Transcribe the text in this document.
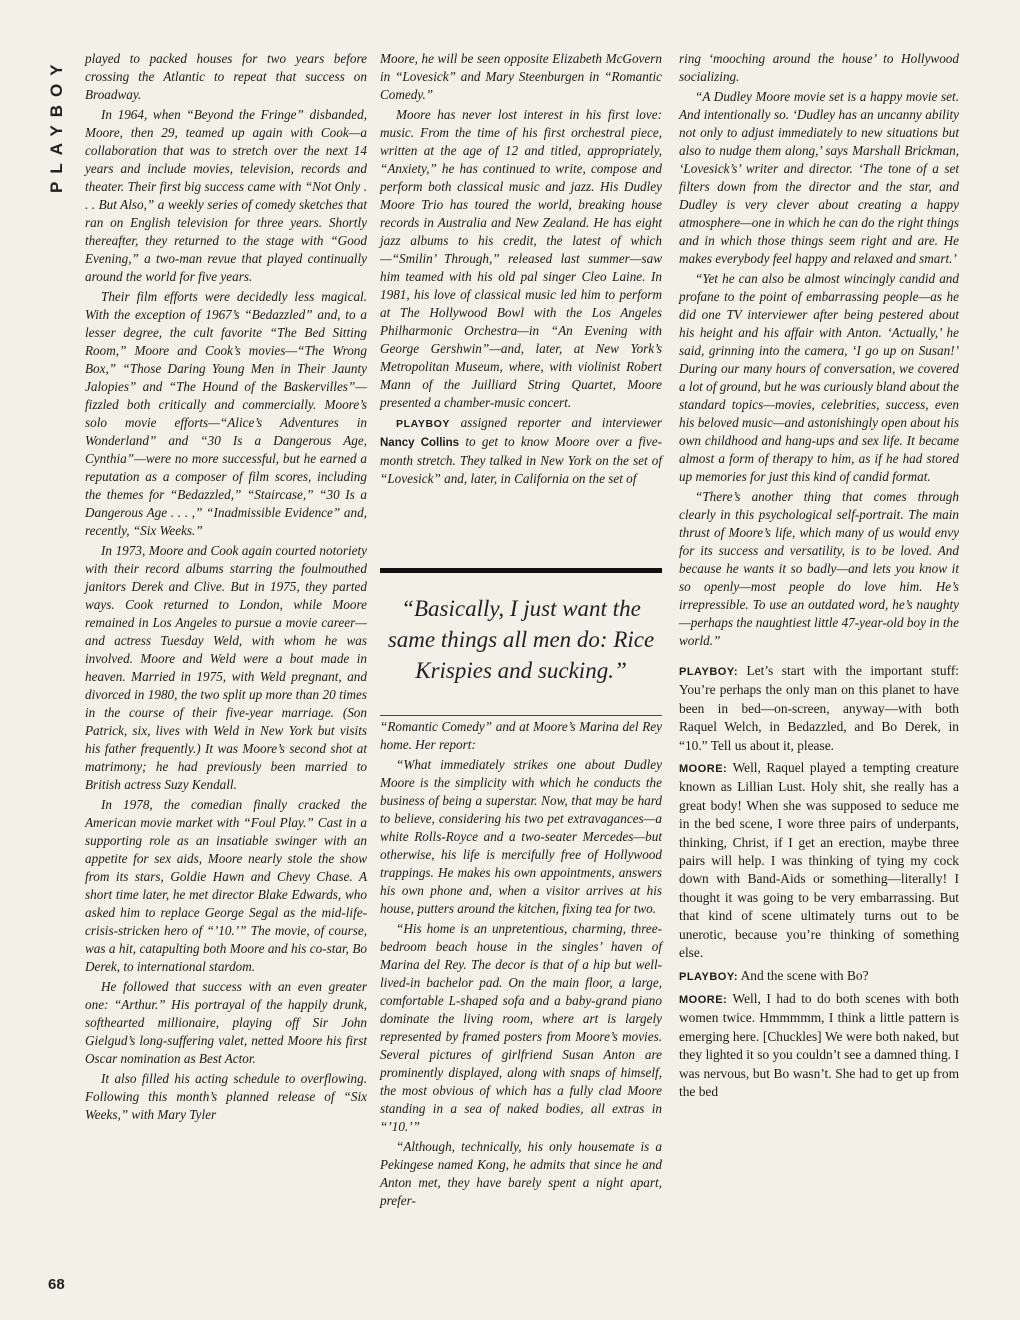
PLAYBOY
68

played to packed houses for two years before crossing the Atlantic to repeat that success on Broadway.

In 1964, when “Beyond the Fringe” disbanded, Moore, then 29, teamed up again with Cook—a collaboration that was to stretch over the next 14 years and include movies, television, records and theater. Their first big success came with “Not Only . . . But Also,” a weekly series of comedy sketches that ran on English television for three years. Shortly thereafter, they returned to the stage with “Good Evening,” a two-man revue that played continually around the world for five years.

Their film efforts were decidedly less magical. With the exception of 1967’s “Bedazzled” and, to a lesser degree, the cult favorite “The Bed Sitting Room,” Moore and Cook’s movies—“The Wrong Box,” “Those Daring Young Men in Their Jaunty Jalopies” and “The Hound of the Baskervilles”—fizzled both critically and commercially. Moore’s solo movie efforts—“Alice’s Adventures in Wonderland” and “30 Is a Dangerous Age, Cynthia”—were no more successful, but he earned a reputation as a composer of film scores, including the themes for “Bedazzled,” “Staircase,” “30 Is a Dangerous Age . . . ,” “Inadmissible Evidence” and, recently, “Six Weeks.”

In 1973, Moore and Cook again courted notoriety with their record albums starring the foulmouthed janitors Derek and Clive. But in 1975, they parted ways. Cook returned to London, while Moore remained in Los Angeles to pursue a movie career—and actress Tuesday Weld, with whom he was involved. Moore and Weld were a bout made in heaven. Married in 1975, with Weld pregnant, and divorced in 1980, the two split up more than 20 times in the course of their five-year marriage. (Son Patrick, six, lives with Weld in New York but visits his father frequently.) It was Moore’s second shot at matrimony; he had previously been married to British actress Suzy Kendall.

In 1978, the comedian finally cracked the American movie market with “Foul Play.” Cast in a supporting role as an insatiable swinger with an appetite for sex aids, Moore nearly stole the show from its stars, Goldie Hawn and Chevy Chase. A short time later, he met director Blake Edwards, who asked him to replace George Segal as the mid-life-crisis-stricken hero of “’10.’” The movie, of course, was a hit, catapulting both Moore and his co-star, Bo Derek, to international stardom.

He followed that success with an even greater one: “Arthur.” His portrayal of the happily drunk, softhearted millionaire, playing off Sir John Gielgud’s long-suffering valet, netted Moore his first Oscar nomination as Best Actor.

It also filled his acting schedule to overflowing. Following this month’s planned release of “Six Weeks,” with Mary Tyler

Moore, he will be seen opposite Elizabeth McGovern in “Lovesick” and Mary Steenburgen in “Romantic Comedy.”

Moore has never lost interest in his first love: music. From the time of his first orchestral piece, written at the age of 12 and titled, appropriately, “Anxiety,” he has continued to write, compose and perform both classical music and jazz. His Dudley Moore Trio has toured the world, breaking house records in Australia and New Zealand. He has eight jazz albums to his credit, the latest of which—“Smilin’ Through,” released last summer—saw him teamed with his old pal singer Cleo Laine. In 1981, his love of classical music led him to perform at The Hollywood Bowl with the Los Angeles Philharmonic Orchestra—in “An Evening with George Gershwin”—and, later, at New York’s Metropolitan Museum, where, with violinist Robert Mann of the Juilliard String Quartet, Moore presented a chamber-music concert.

PLAYBOY assigned reporter and interviewer Nancy Collins to get to know Moore over a five-month stretch. They talked in New York on the set of “Lovesick” and, later, in California on the set of

“Basically, I just want the same things all men do: Rice Krispies and sucking.”

“Romantic Comedy” and at Moore’s Marina del Rey home. Her report:

“What immediately strikes one about Dudley Moore is the simplicity with which he conducts the business of being a superstar. Now, that may be hard to believe, considering his two pet extravagances—a white Rolls-Royce and a two-seater Mercedes—but otherwise, his life is mercifully free of Hollywood trappings. He makes his own appointments, answers his own phone and, when a visitor arrives at his house, putters around the kitchen, fixing tea for two.

“His home is an unpretentious, charming, three-bedroom beach house in the singles’ haven of Marina del Rey. The decor is that of a hip but well-lived-in bachelor pad. On the main floor, a large, comfortable L-shaped sofa and a baby-grand piano dominate the living room, where art is largely represented by framed posters from Moore’s movies. Several pictures of girlfriend Susan Anton are prominently displayed, along with snaps of himself, the most obvious of which has a fully clad Moore standing in a sea of naked bodies, all extras in “’10.’”

“Although, technically, his only housemate is a Pekingese named Kong, he admits that since he and Anton met, they have barely spent a night apart, prefer-

ring ‘mooching around the house’ to Hollywood socializing.

“A Dudley Moore movie set is a happy movie set. And intentionally so. ‘Dudley has an uncanny ability not only to adjust immediately to new situations but also to nudge them along,’ says Marshall Brickman, ‘Lovesick’s’ writer and director. ‘The tone of a set filters down from the director and the star, and Dudley is very clever about creating a happy atmosphere—one in which he can do the right things and in which those things seem right and are. He makes everybody feel happy and relaxed and smart.’

“Yet he can also be almost wincingly candid and profane to the point of embarrassing people—as he did one TV interviewer after being pestered about his height and his affair with Anton. ‘Actually,’ he said, grinning into the camera, ‘I go up on Susan!’ During our many hours of conversation, we covered a lot of ground, but he was curiously bland about the standard topics—movies, celebrities, success, even his beloved music—and astonishingly open about his own childhood and hang-ups and sex life. It became almost a form of therapy to him, as if he had stored up memories for just this kind of candid format.

“There’s another thing that comes through clearly in this psychological self-portrait. The main thrust of Moore’s life, which many of us would envy for its success and versatility, is to be loved. And because he wants it so badly—and lets you know it so openly—most people do love him. He’s irrepressible. To use an outdated word, he’s naughty—perhaps the naughtiest little 47-year-old boy in the world.”

PLAYBOY: Let’s start with the important stuff: You’re perhaps the only man on this planet to have been in bed—on-screen, anyway—with both Raquel Welch, in Bedazzled, and Bo Derek, in “10.” Tell us about it, please.

MOORE: Well, Raquel played a tempting creature known as Lillian Lust. Holy shit, she really has a great body! When she was supposed to seduce me in the bed scene, I wore three pairs of underpants, thinking, Christ, if I get an erection, maybe three pairs will help. I was thinking of tying my cock down with Band-Aids or something—literally! I thought it was going to be very embarrassing. But that kind of scene ultimately turns out to be unerotic, because you’re thinking of something else.

PLAYBOY: And the scene with Bo?

MOORE: Well, I had to do both scenes with both women twice. Hmmmmm, I think a little pattern is emerging here. [Chuckles] We were both naked, but they lighted it so you couldn’t see a damned thing. I was nervous, but Bo wasn’t. She had to get up from the bed
